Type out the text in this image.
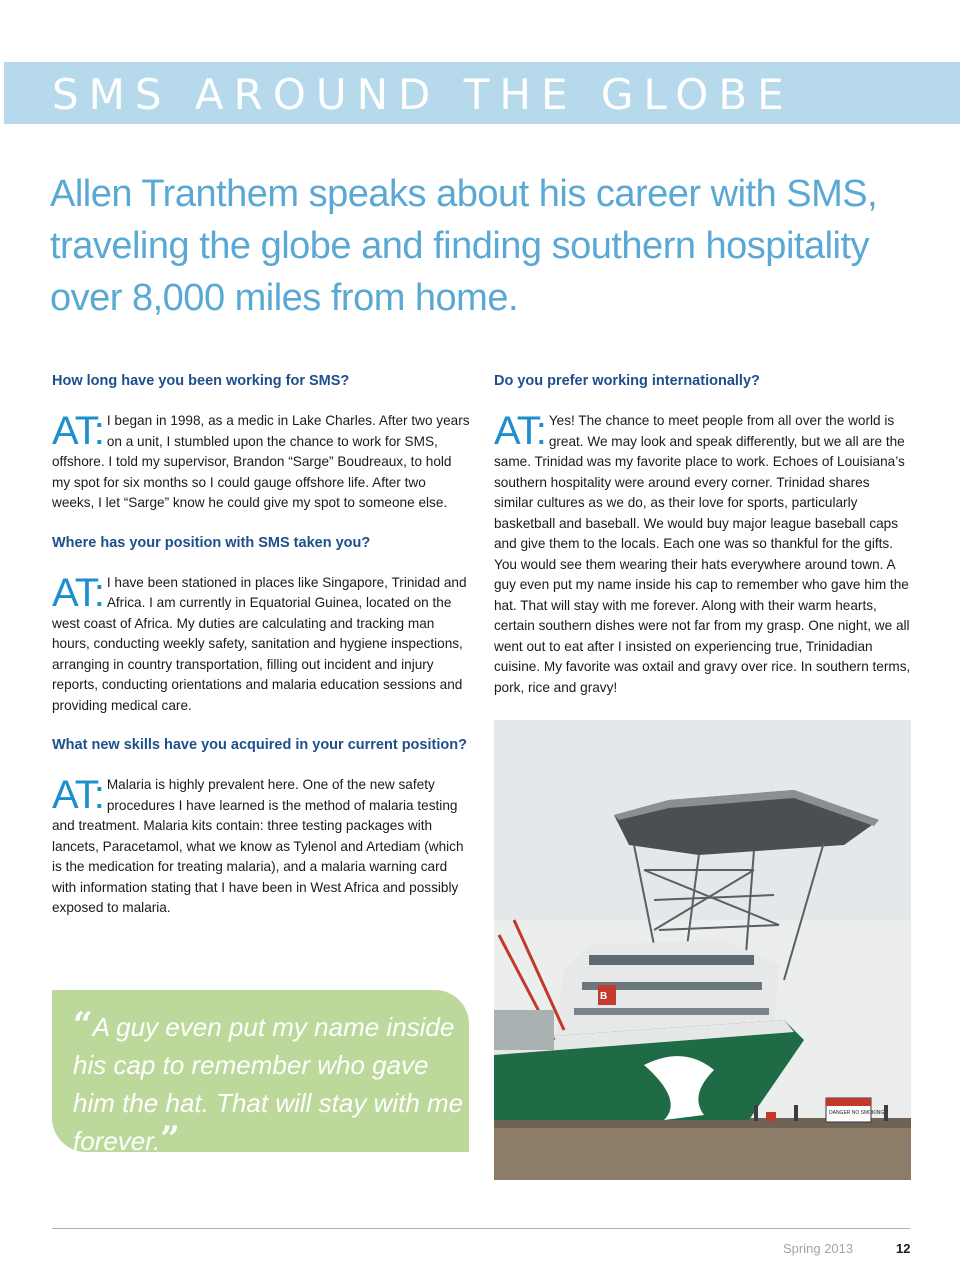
SMS AROUND THE GLOBE
Allen Tranthem speaks about his career with SMS, traveling the globe and finding southern hospitality over 8,000 miles from home.
How long have you been working for SMS?

AT: I began in 1998, as a medic in Lake Charles. After two years on a unit, I stumbled upon the chance to work for SMS, offshore. I told my supervisor, Brandon “Sarge” Boudreaux, to hold my spot for six months so I could gauge offshore life. After two weeks, I let “Sarge” know he could give my spot to someone else.

Where has your position with SMS taken you?

AT: I have been stationed in places like Singapore, Trinidad and Africa. I am currently in Equatorial Guinea, located on the west coast of Africa. My duties are calculating and tracking man hours, conducting weekly safety, sanitation and hygiene inspections, arranging in country transportation, filling out incident and injury reports, conducting orientations and malaria education sessions and providing medical care.

What new skills have you acquired in your current position?

AT: Malaria is highly prevalent here. One of the new safety procedures I have learned is the method of malaria testing and treatment. Malaria kits contain: three testing packages with lancets, Paracetamol, what we know as Tylenol and Artediam (which is the medication for treating malaria), and a malaria warning card with information stating that I have been in West Africa and possibly exposed to malaria.

Do you prefer working internationally?

AT: Yes! The chance to meet people from all over the world is great. We may look and speak differently, but we all are the same. Trinidad was my favorite place to work. Echoes of Louisiana’s southern hospitality were around every corner. Trinidad shares similar cultures as we do, as their love for sports, particularly basketball and baseball. We would buy major league baseball caps and give them to the locals. Each one was so thankful for the gifts. You would see them wearing their hats everywhere around town. A guy even put my name inside his cap to remember who gave him the hat. That will stay with me forever. Along with their warm hearts, certain southern dishes were not far from my grasp. One night, we all went out to eat after I insisted on experiencing true, Trinidadian cuisine. My favorite was oxtail and gravy over rice. In southern terms, pork, rice and gravy!

“A guy even put my name inside his cap to remember who gave him the hat. That will stay with me forever.”

B
SVARON PE
DANGER NO SMOKING
Spring 2013	12
